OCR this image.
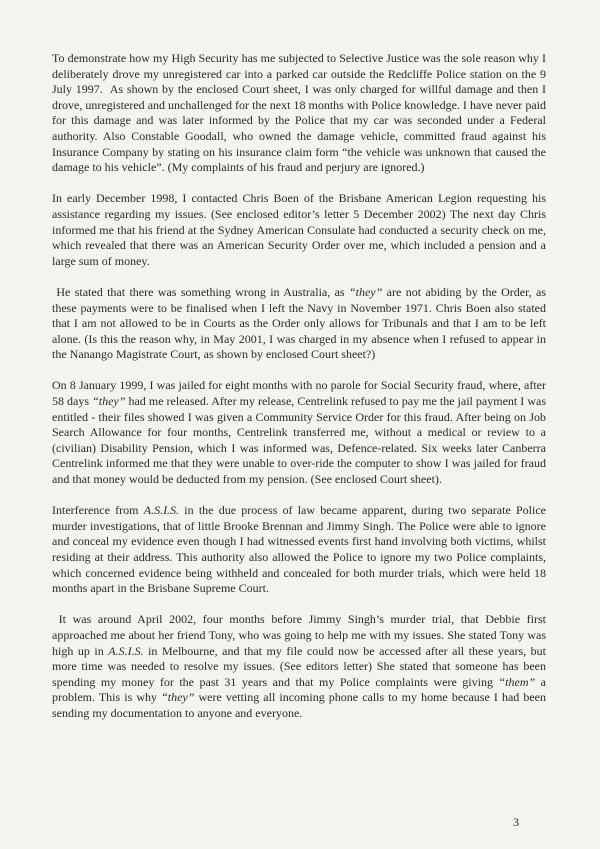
To demonstrate how my High Security has me subjected to Selective Justice was the sole reason why I deliberately drove my unregistered car into a parked car outside the Redcliffe Police station on the 9 July 1997.  As shown by the enclosed Court sheet, I was only charged for willful damage and then I drove, unregistered and unchallenged for the next 18 months with Police knowledge. I have never paid for this damage and was later informed by the Police that my car was seconded under a Federal authority. Also Constable Goodall, who owned the damage vehicle, committed fraud against his Insurance Company by stating on his insurance claim form “the vehicle was unknown that caused the damage to his vehicle”. (My complaints of his fraud and perjury are ignored.)

In early December 1998, I contacted Chris Boen of the Brisbane American Legion requesting his assistance regarding my issues. (See enclosed editor’s letter 5 December 2002) The next day Chris informed me that his friend at the Sydney American Consulate had conducted a security check on me, which revealed that there was an American Security Order over me, which included a pension and a large sum of money.

He stated that there was something wrong in Australia, as “they” are not abiding by the Order, as these payments were to be finalised when I left the Navy in November 1971. Chris Boen also stated that I am not allowed to be in Courts as the Order only allows for Tribunals and that I am to be left alone. (Is this the reason why, in May 2001, I was charged in my absence when I refused to appear in the Nanango Magistrate Court, as shown by enclosed Court sheet?)

On 8 January 1999, I was jailed for eight months with no parole for Social Security fraud, where, after 58 days “they” had me released. After my release, Centrelink refused to pay me the jail payment I was entitled - their files showed I was given a Community Service Order for this fraud. After being on Job Search Allowance for four months, Centrelink transferred me, without a medical or review to a (civilian) Disability Pension, which I was informed was, Defence-related. Six weeks later Canberra Centrelink informed me that they were unable to over-ride the computer to show I was jailed for fraud and that money would be deducted from my pension. (See enclosed Court sheet).

Interference from A.S.I.S. in the due process of law became apparent, during two separate Police murder investigations, that of little Brooke Brennan and Jimmy Singh. The Police were able to ignore and conceal my evidence even though I had witnessed events first hand involving both victims, whilst residing at their address. This authority also allowed the Police to ignore my two Police complaints, which concerned evidence being withheld and concealed for both murder trials, which were held 18 months apart in the Brisbane Supreme Court.

It was around April 2002, four months before Jimmy Singh’s murder trial, that Debbie first approached me about her friend Tony, who was going to help me with my issues. She stated Tony was high up in A.S.I.S. in Melbourne, and that my file could now be accessed after all these years, but more time was needed to resolve my issues. (See editors letter) She stated that someone has been spending my money for the past 31 years and that my Police complaints were giving “them” a problem. This is why “they” were vetting all incoming phone calls to my home because I had been sending my documentation to anyone and everyone.

3
